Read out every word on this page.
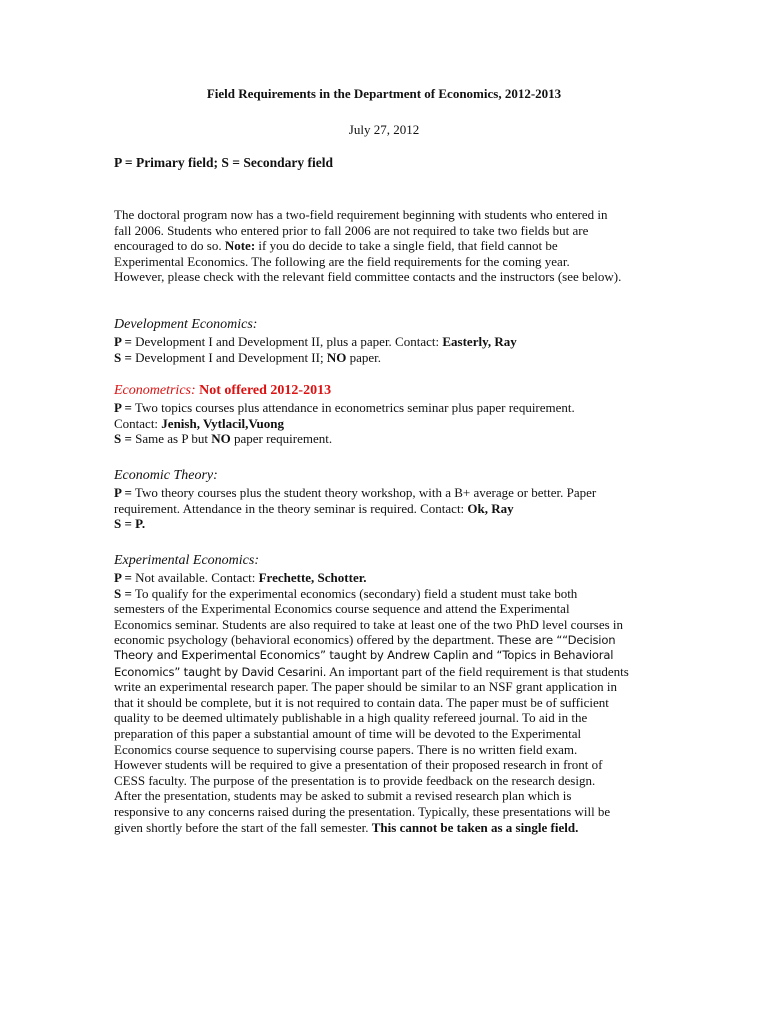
Field Requirements in the Department of Economics, 2012-2013
July 27, 2012
P = Primary field; S = Secondary field
The doctoral program now has a two-field requirement beginning with students who entered in
fall 2006. Students who entered prior to fall 2006 are not required to take two fields but are
encouraged to do so. Note: if you do decide to take a single field, that field cannot be
Experimental Economics. The following are the field requirements for the coming year.
However, please check with the relevant field committee contacts and the instructors (see below).
Development Economics:
P = Development I and Development II, plus a paper. Contact: Easterly, Ray
S = Development I and Development II; NO paper.
Econometrics: Not offered 2012-2013
P = Two topics courses plus attendance in econometrics seminar plus paper requirement.
Contact: Jenish, Vytlacil,Vuong
S = Same as P but NO paper requirement.
Economic Theory:
P = Two theory courses plus the student theory workshop, with a B+ average or better. Paper
requirement. Attendance in the theory seminar is required. Contact: Ok, Ray
S = P.
Experimental Economics:
P = Not available. Contact: Frechette, Schotter.
S = To qualify for the experimental economics (secondary) field a student must take both
semesters of the Experimental Economics course sequence and attend the Experimental
Economics seminar. Students are also required to take at least one of the two PhD level courses in
economic psychology (behavioral economics) offered by the department. These are ““Decision
Theory and Experimental Economics” taught by Andrew Caplin and “Topics in Behavioral
Economics” taught by David Cesarini. An important part of the field requirement is that students
write an experimental research paper. The paper should be similar to an NSF grant application in
that it should be complete, but it is not required to contain data. The paper must be of sufficient
quality to be deemed ultimately publishable in a high quality refereed journal. To aid in the
preparation of this paper a substantial amount of time will be devoted to the Experimental
Economics course sequence to supervising course papers. There is no written field exam.
However students will be required to give a presentation of their proposed research in front of
CESS faculty. The purpose of the presentation is to provide feedback on the research design.
After the presentation, students may be asked to submit a revised research plan which is
responsive to any concerns raised during the presentation. Typically, these presentations will be
given shortly before the start of the fall semester. This cannot be taken as a single field.
